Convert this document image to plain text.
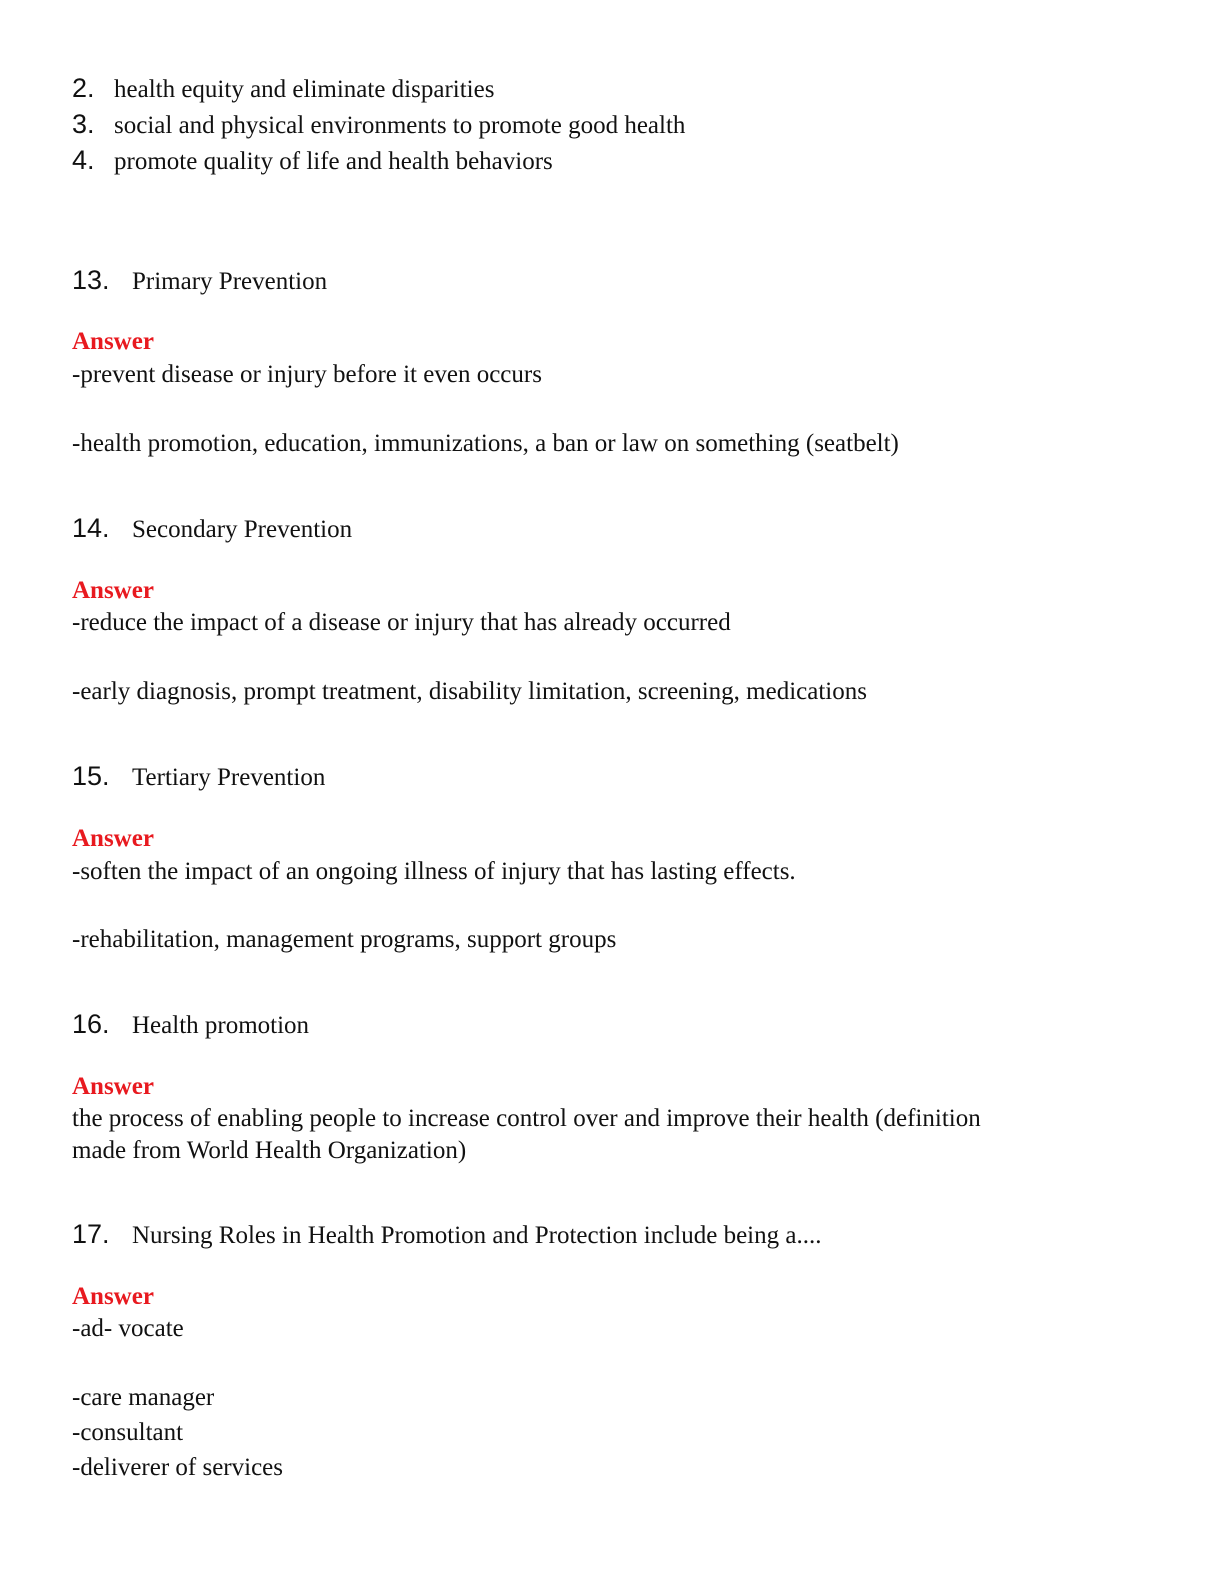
2. health equity and eliminate disparities
3. social and physical environments to promote good health
4. promote quality of life and health behaviors
13. Primary Prevention
Answer
-prevent disease or injury before it even occurs
-health promotion, education, immunizations, a ban or law on something (seatbelt)
14. Secondary Prevention
Answer
-reduce the impact of a disease or injury that has already occurred
-early diagnosis, prompt treatment, disability limitation, screening, medications
15. Tertiary Prevention
Answer
-soften the impact of an ongoing illness of injury that has lasting effects.
-rehabilitation, management programs, support groups
16. Health promotion
Answer
the process of enabling people to increase control over and improve their health (definition
made from World Health Organization)
17. Nursing Roles in Health Promotion and Protection include being a....
Answer
-ad- vocate
-care manager
-consultant
-deliverer of services
